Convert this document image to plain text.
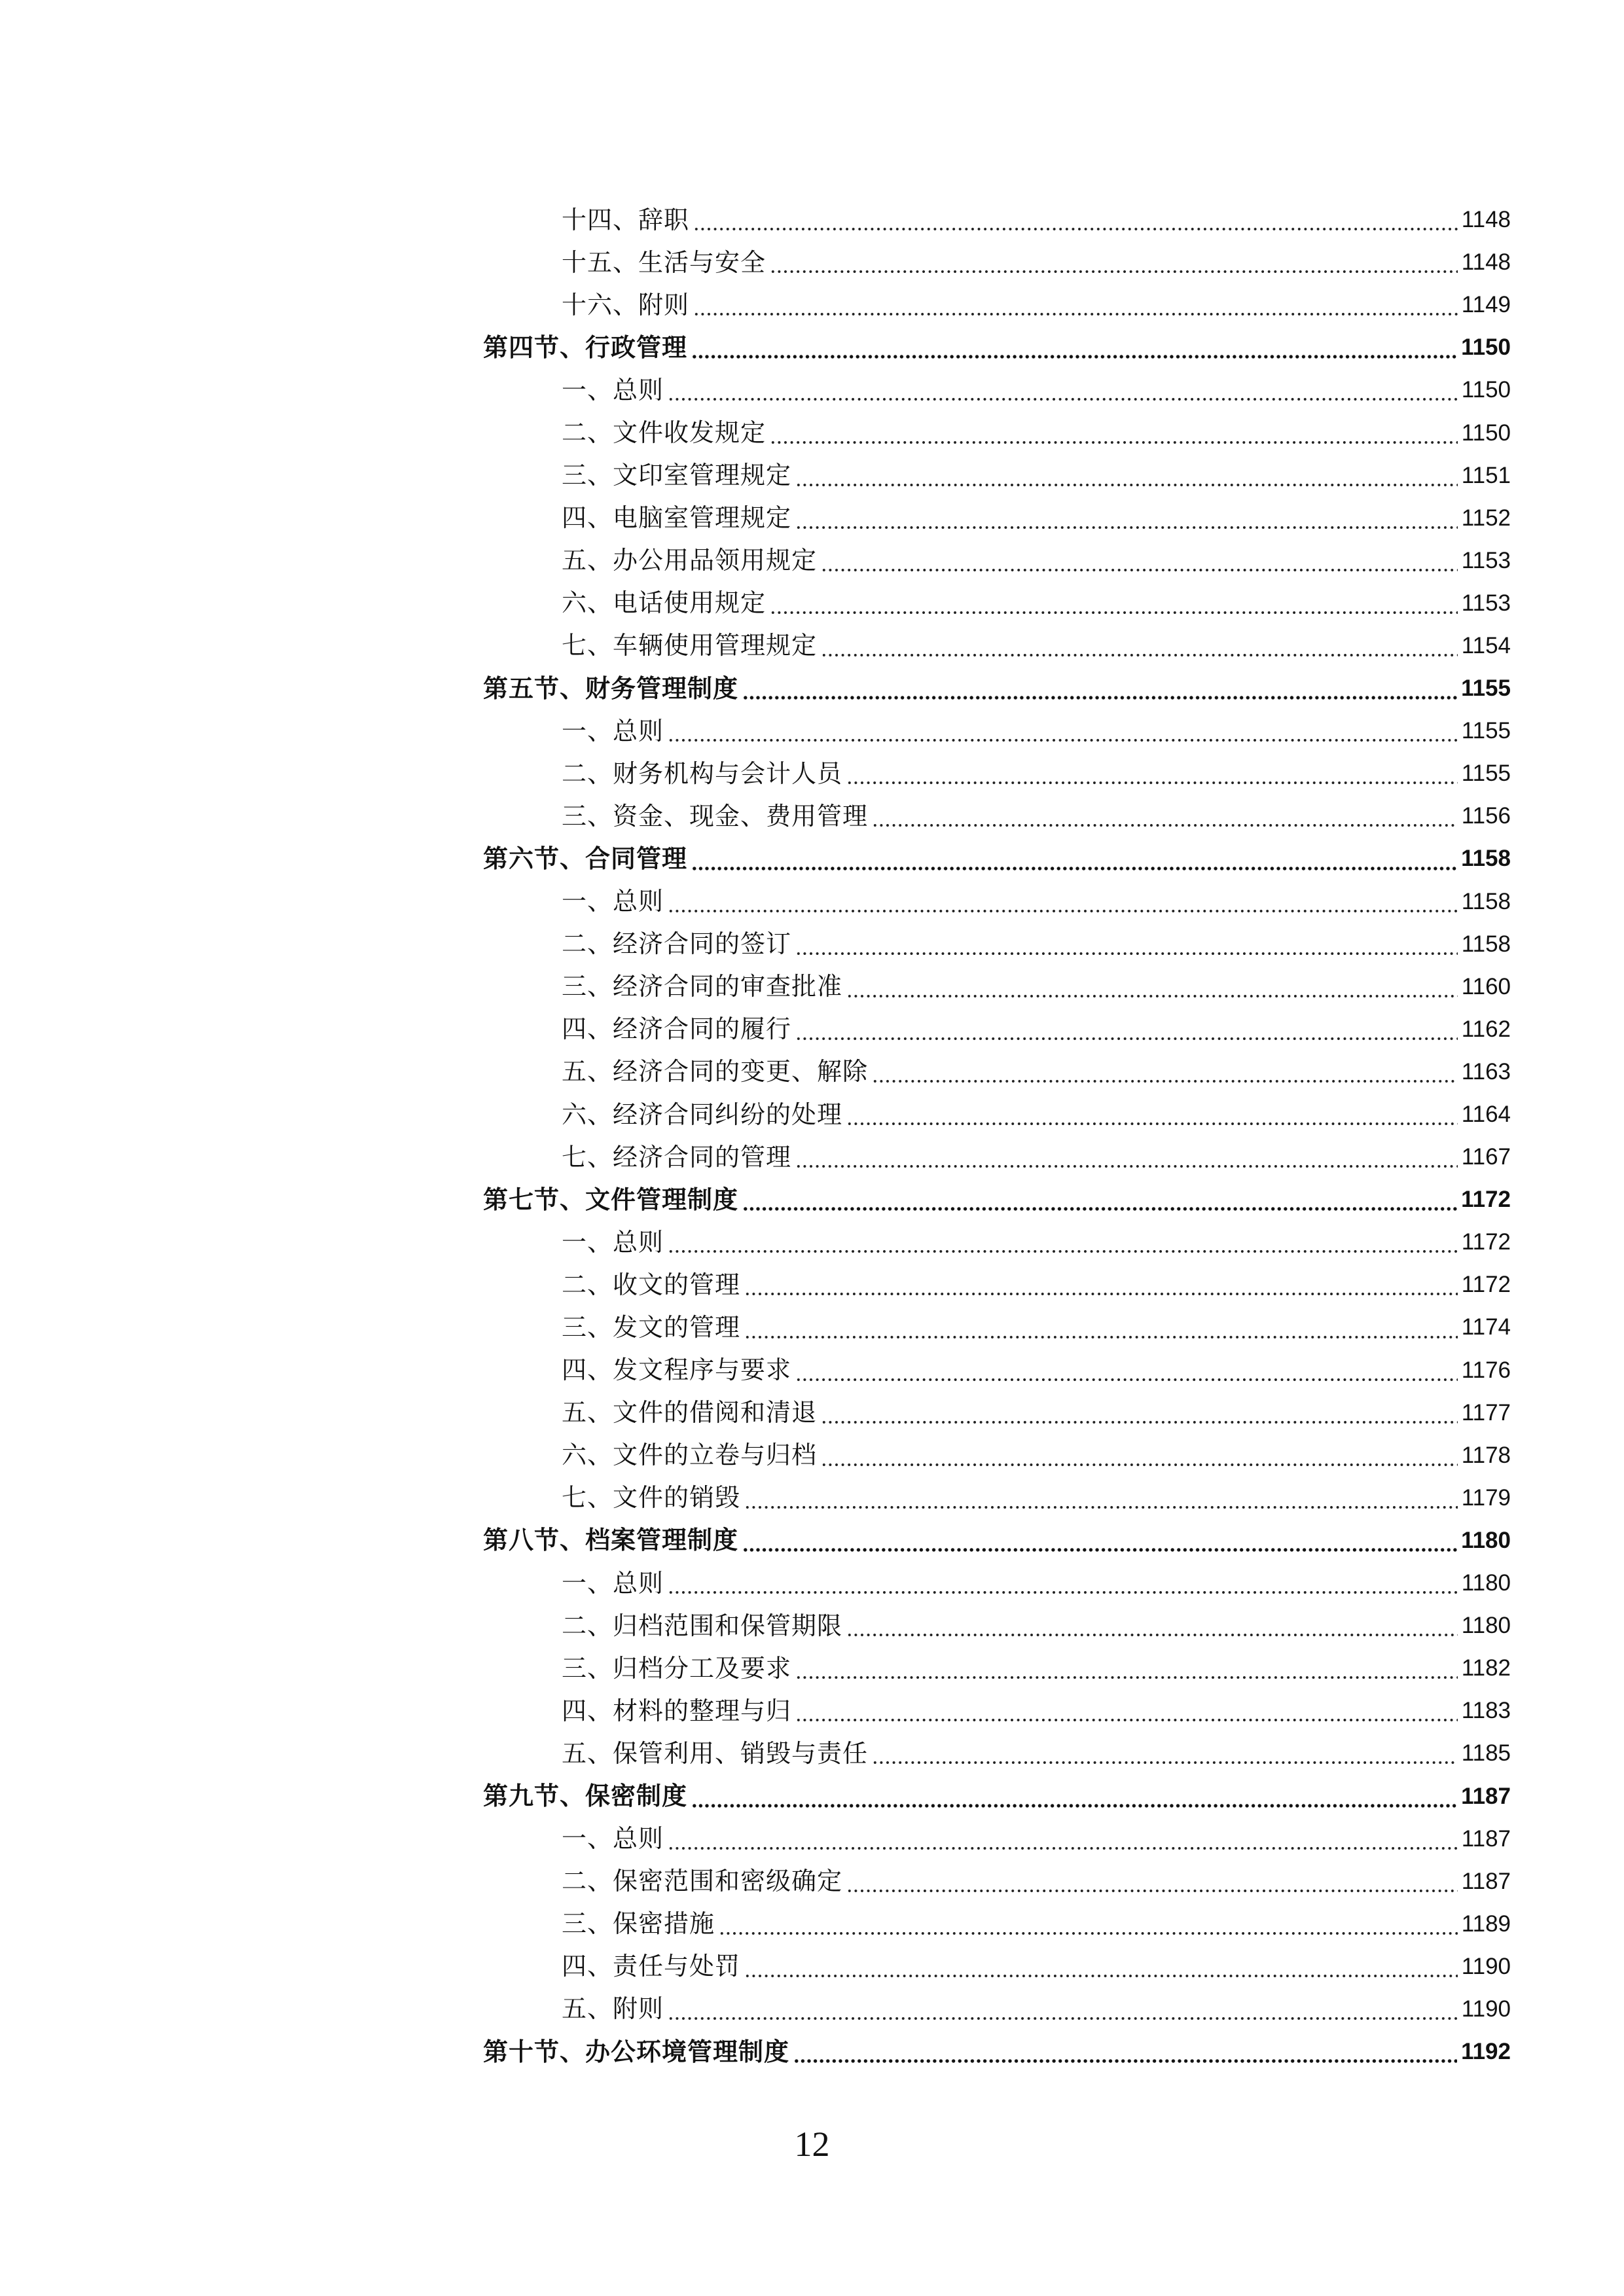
十四、辞职	1148
十五、生活与安全	1148
十六、附则	1149
第四节、行政管理	1150
一、总则	1150
二、文件收发规定	1150
三、文印室管理规定	1151
四、电脑室管理规定	1152
五、办公用品领用规定	1153
六、电话使用规定	1153
七、车辆使用管理规定	1154
第五节、财务管理制度	1155
一、总则	1155
二、财务机构与会计人员	1155
三、资金、现金、费用管理	1156
第六节、合同管理	1158
一、总则	1158
二、经济合同的签订	1158
三、经济合同的审查批准	1160
四、经济合同的履行	1162
五、经济合同的变更、解除	1163
六、经济合同纠纷的处理	1164
七、经济合同的管理	1167
第七节、文件管理制度	1172
一、总则	1172
二、收文的管理	1172
三、发文的管理	1174
四、发文程序与要求	1176
五、文件的借阅和清退	1177
六、文件的立卷与归档	1178
七、文件的销毁	1179
第八节、档案管理制度	1180
一、总则	1180
二、归档范围和保管期限	1180
三、归档分工及要求	1182
四、材料的整理与归	1183
五、保管利用、销毁与责任	1185
第九节、保密制度	1187
一、总则	1187
二、保密范围和密级确定	1187
三、保密措施	1189
四、责任与处罚	1190
五、附则	1190
第十节、办公环境管理制度	1192
12
